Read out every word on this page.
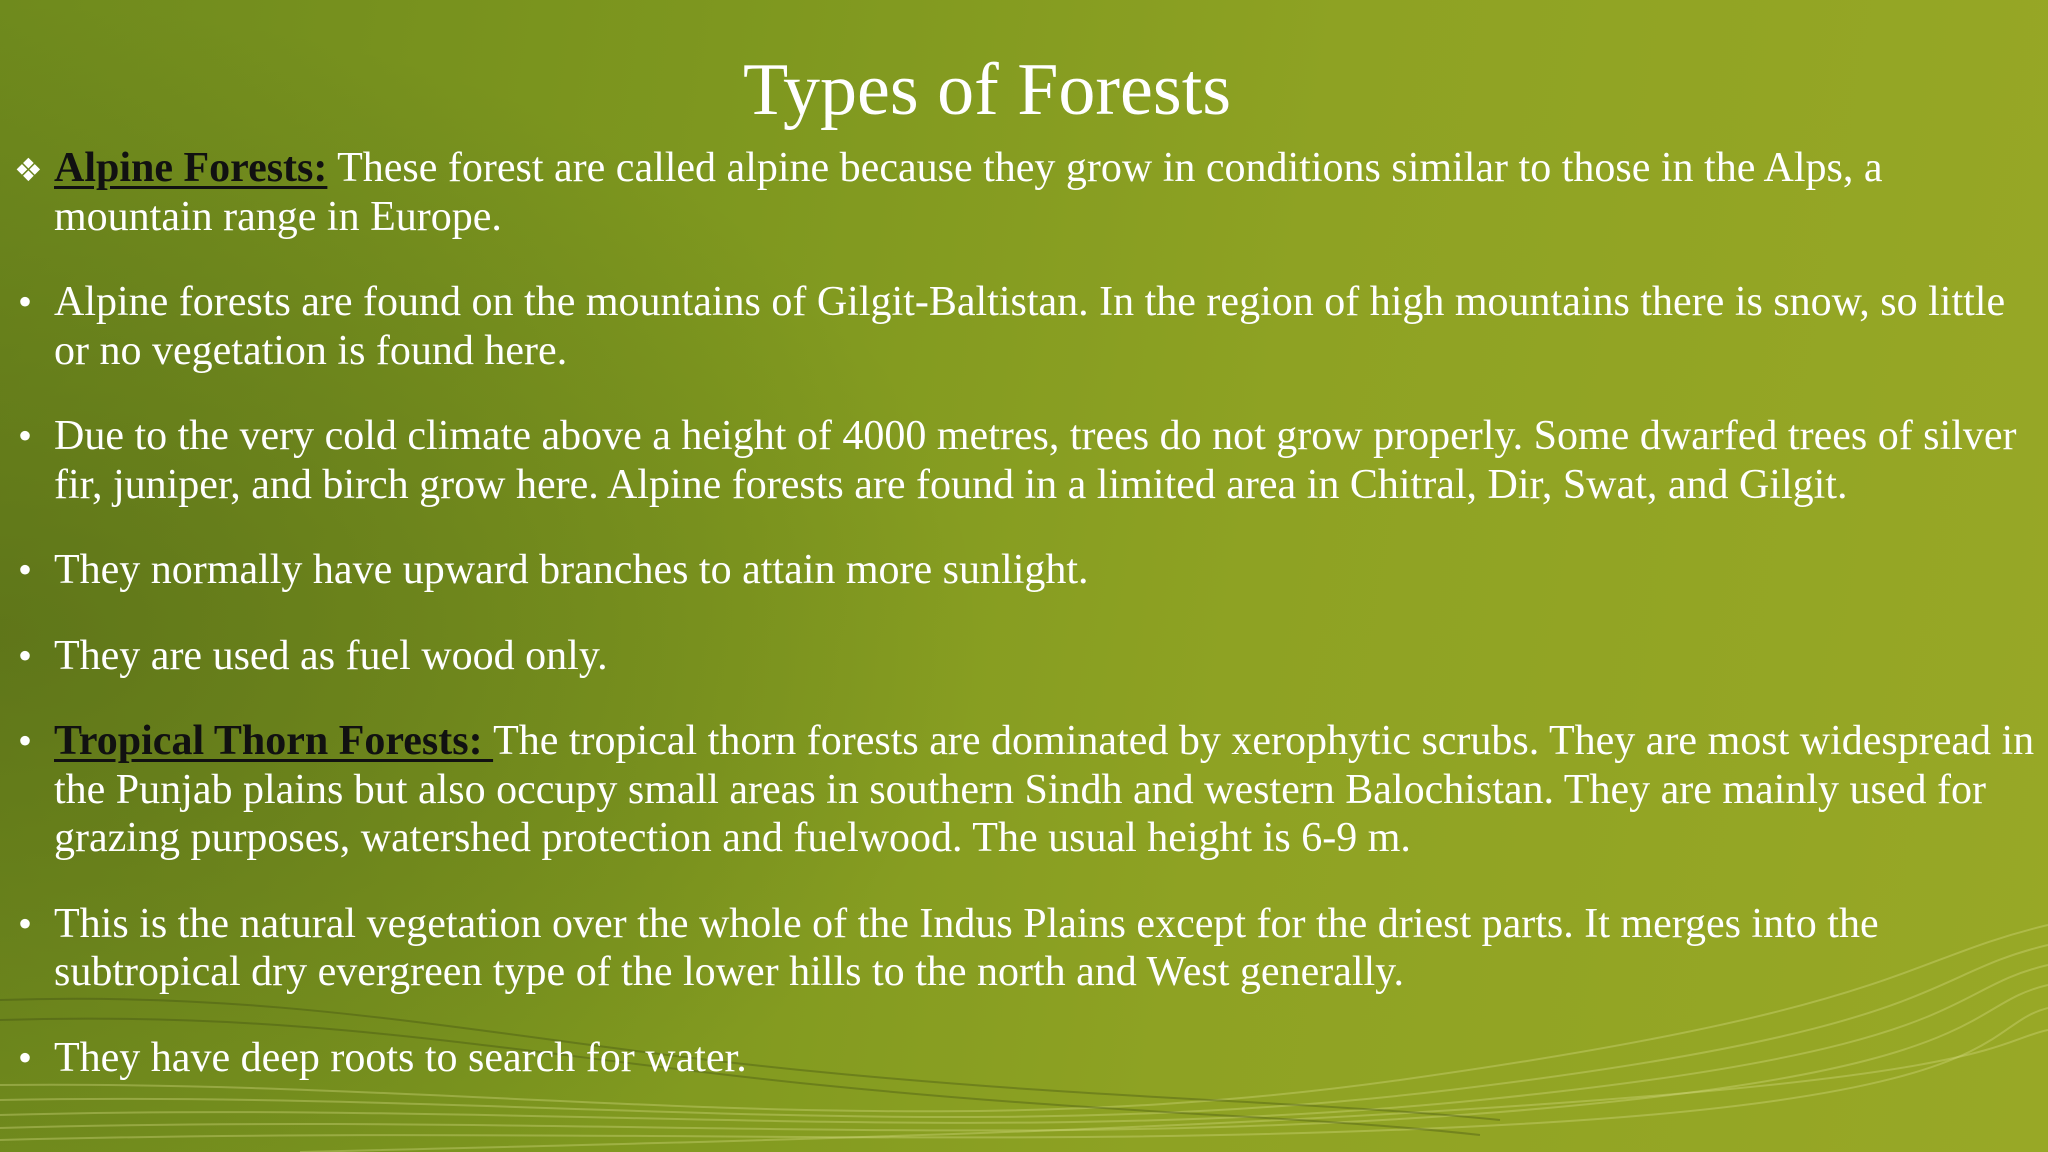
Types of Forests
❖ Alpine Forests: These forest are called alpine because they grow in conditions similar to those in the Alps, a mountain range in Europe.
• Alpine forests are found on the mountains of Gilgit-Baltistan. In the region of high mountains there is snow, so little or no vegetation is found here.
• Due to the very cold climate above a height of 4000 metres, trees do not grow properly. Some dwarfed trees of silver fir, juniper, and birch grow here. Alpine forests are found in a limited area in Chitral, Dir, Swat, and Gilgit.
• They normally have upward branches to attain more sunlight.
• They are used as fuel wood only.
• Tropical Thorn Forests: The tropical thorn forests are dominated by xerophytic scrubs. They are most widespread in the Punjab plains but also occupy small areas in southern Sindh and western Balochistan. They are mainly used for grazing purposes, watershed protection and fuelwood. The usual height is 6-9 m.
• This is the natural vegetation over the whole of the Indus Plains except for the driest parts. It merges into the subtropical dry evergreen type of the lower hills to the north and West generally.
• They have deep roots to search for water.
